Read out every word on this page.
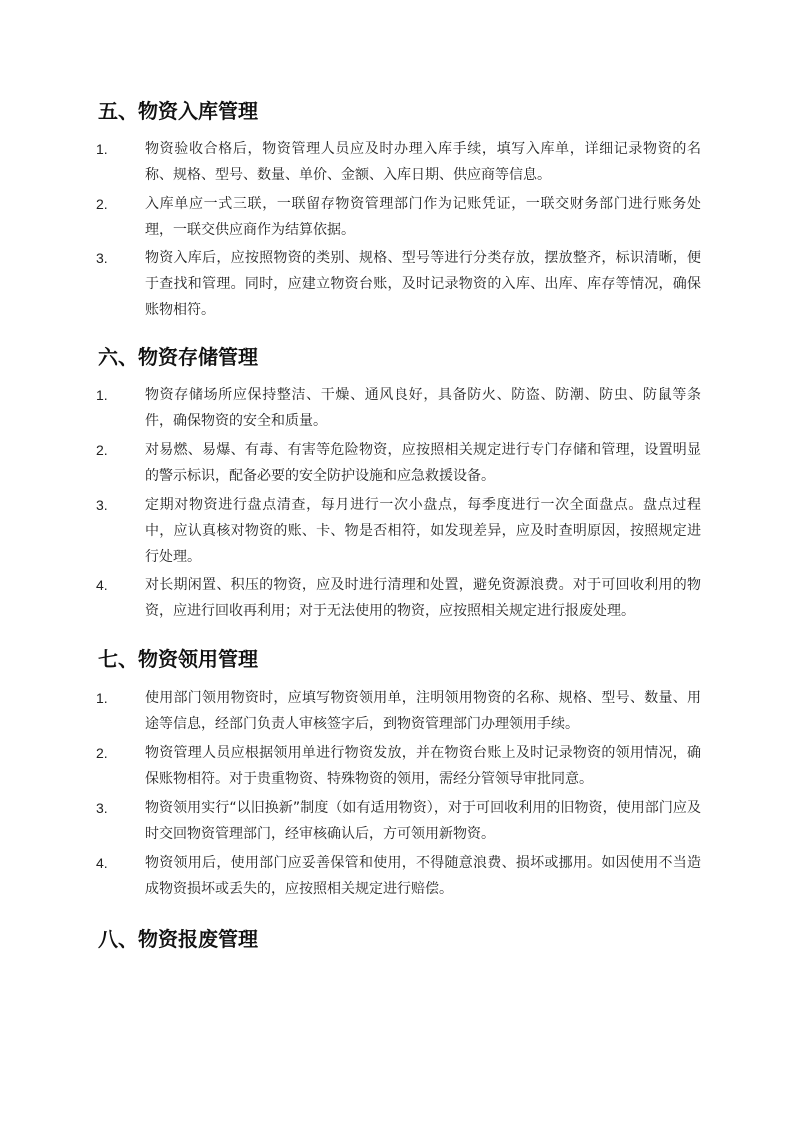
五、物资入库管理
1.	物资验收合格后，物资管理人员应及时办理入库手续，填写入库单，详细记录物资的名称、规格、型号、数量、单价、金额、入库日期、供应商等信息。

2.	入库单应一式三联，一联留存物资管理部门作为记账凭证，一联交财务部门进行账务处理，一联交供应商作为结算依据。

3.	物资入库后，应按照物资的类别、规格、型号等进行分类存放，摆放整齐，标识清晰，便于查找和管理。同时，应建立物资台账，及时记录物资的入库、出库、库存等情况，确保账物相符。

六、物资存储管理
1.	物资存储场所应保持整洁、干燥、通风良好，具备防火、防盗、防潮、防虫、防鼠等条件，确保物资的安全和质量。

2.	对易燃、易爆、有毒、有害等危险物资，应按照相关规定进行专门存储和管理，设置明显的警示标识，配备必要的安全防护设施和应急救援设备。

3.	定期对物资进行盘点清查，每月进行一次小盘点，每季度进行一次全面盘点。盘点过程中，应认真核对物资的账、卡、物是否相符，如发现差异，应及时查明原因，按照规定进行处理。

4.	对长期闲置、积压的物资，应及时进行清理和处置，避免资源浪费。对于可回收利用的物资，应进行回收再利用；对于无法使用的物资，应按照相关规定进行报废处理。

七、物资领用管理
1.	使用部门领用物资时，应填写物资领用单，注明领用物资的名称、规格、型号、数量、用途等信息，经部门负责人审核签字后，到物资管理部门办理领用手续。

2.	物资管理人员应根据领用单进行物资发放，并在物资台账上及时记录物资的领用情况，确保账物相符。对于贵重物资、特殊物资的领用，需经分管领导审批同意。

3.	物资领用实行“以旧换新”制度（如有适用物资），对于可回收利用的旧物资，使用部门应及时交回物资管理部门，经审核确认后，方可领用新物资。

4.	物资领用后，使用部门应妥善保管和使用，不得随意浪费、损坏或挪用。如因使用不当造成物资损坏或丢失的，应按照相关规定进行赔偿。

八、物资报废管理
